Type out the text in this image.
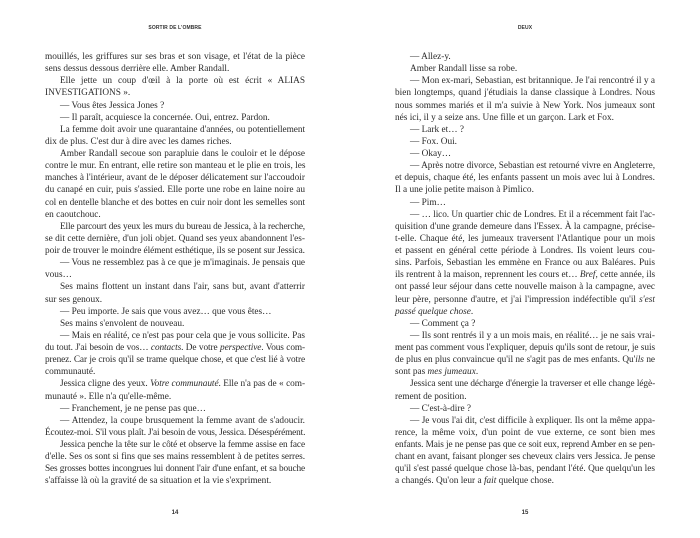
SORTIR DE L'OMBRE
mouillés, les griffures sur ses bras et son visage, et l'état de la pièce
sens dessus dessous derrière elle. Amber Randall.
Elle jette un coup d'œil à la porte où est écrit « ALIAS
INVESTIGATIONS ».
— Vous êtes Jessica Jones ?
— Il paraît, acquiesce la concernée. Oui, entrez. Pardon.
La femme doit avoir une quarantaine d'années, ou potentiellement
dix de plus. C'est dur à dire avec les dames riches.
Amber Randall secoue son parapluie dans le couloir et le dépose
contre le mur. En entrant, elle retire son manteau et le plie en trois, les
manches à l'intérieur, avant de le déposer délicatement sur l'accoudoir
du canapé en cuir, puis s'assied. Elle porte une robe en laine noire au
col en dentelle blanche et des bottes en cuir noir dont les semelles sont
en caoutchouc.
Elle parcourt des yeux les murs du bureau de Jessica, à la recherche,
se dit cette dernière, d'un joli objet. Quand ses yeux abandonnent l'es-
poir de trouver le moindre élément esthétique, ils se posent sur Jessica.
— Vous ne ressemblez pas à ce que je m'imaginais. Je pensais que
vous…
Ses mains flottent un instant dans l'air, sans but, avant d'atterrir
sur ses genoux.
— Peu importe. Je sais que vous avez… que vous êtes…
Ses mains s'envolent de nouveau.
— Mais en réalité, ce n'est pas pour cela que je vous sollicite. Pas
du tout. J'ai besoin de vos… contacts. De votre perspective. Vous com-
prenez. Car je crois qu'il se trame quelque chose, et que c'est lié à votre
communauté.
Jessica cligne des yeux. Votre communauté. Elle n'a pas de « com-
munauté ». Elle n'a qu'elle-même.
— Franchement, je ne pense pas que…
— Attendez, la coupe brusquement la femme avant de s'adoucir.
Écoutez-moi. S'il vous plaît. J'ai besoin de vous, Jessica. Désespérément.
Jessica penche la tête sur le côté et observe la femme assise en face
d'elle. Ses os sont si fins que ses mains ressemblent à de petites serres.
Ses grosses bottes incongrues lui donnent l'air d'une enfant, et sa bouche
s'affaisse là où la gravité de sa situation et la vie s'expriment.
14
DEUX
— Allez-y.
Amber Randall lisse sa robe.
— Mon ex-mari, Sebastian, est britannique. Je l'ai rencontré il y a
bien longtemps, quand j'étudiais la danse classique à Londres. Nous
nous sommes mariés et il m'a suivie à New York. Nos jumeaux sont
nés ici, il y a seize ans. Une fille et un garçon. Lark et Fox.
— Lark et… ?
— Fox. Oui.
— Okay…
— Après notre divorce, Sebastian est retourné vivre en Angleterre,
et depuis, chaque été, les enfants passent un mois avec lui à Londres.
Il a une jolie petite maison à Pimlico.
— Pim…
— … lico. Un quartier chic de Londres. Et il a récemment fait l'ac-
quisition d'une grande demeure dans l'Essex. À la campagne, précise-
t-elle. Chaque été, les jumeaux traversent l'Atlantique pour un mois
et passent en général cette période à Londres. Ils voient leurs cou-
sins. Parfois, Sebastian les emmène en France ou aux Baléares. Puis
ils rentrent à la maison, reprennent les cours et… Bref, cette année, ils
ont passé leur séjour dans cette nouvelle maison à la campagne, avec
leur père, personne d'autre, et j'ai l'impression indéfectible qu'il s'est
passé quelque chose.
— Comment ça ?
— Ils sont rentrés il y a un mois mais, en réalité… je ne sais vrai-
ment pas comment vous l'expliquer, depuis qu'ils sont de retour, je suis
de plus en plus convaincue qu'il ne s'agit pas de mes enfants. Qu'ils ne
sont pas mes jumeaux.
Jessica sent une décharge d'énergie la traverser et elle change légè-
rement de position.
— C'est-à-dire ?
— Je vous l'ai dit, c'est difficile à expliquer. Ils ont la même appa-
rence, la même voix, d'un point de vue externe, ce sont bien mes
enfants. Mais je ne pense pas que ce soit eux, reprend Amber en se pen-
chant en avant, faisant plonger ses cheveux clairs vers Jessica. Je pense
qu'il s'est passé quelque chose là-bas, pendant l'été. Que quelqu'un les
a changés. Qu'on leur a fait quelque chose.
15
